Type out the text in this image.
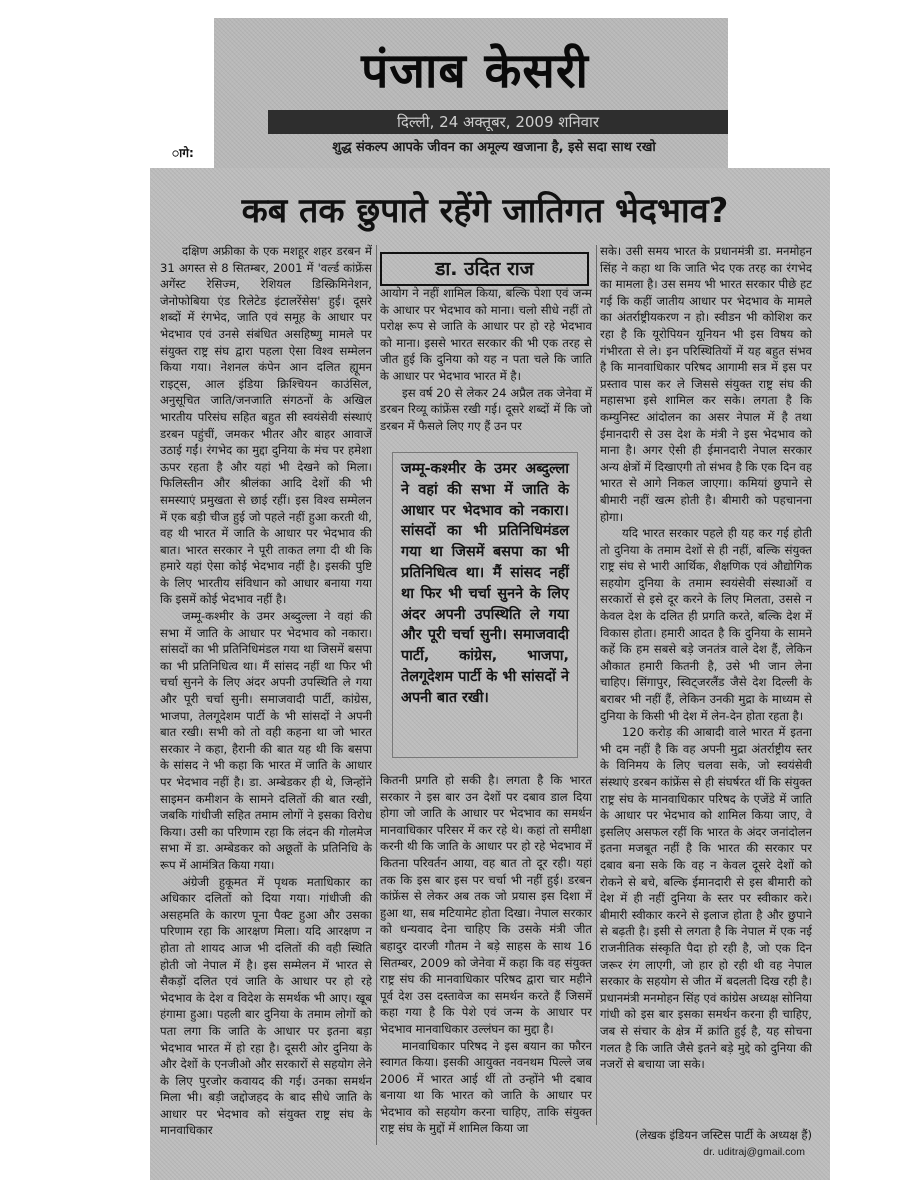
पंजाब केसरी
दिल्ली, 24 अक्तूबर, 2009 शनिवार
शुद्ध संकल्प आपके जीवन का अमूल्य खजाना है, इसे सदा साथ रखो
ागे:
कब तक छुपाते रहेंगे जातिगत भेदभाव?

दक्षिण अफ्रीका के एक मशहूर शहर डरबन में 31 अगस्त से 8 सितम्बर, 2001 में 'वर्ल्ड कांफ्रेंस अगेंस्ट रेसिज्म, रेशियल डिस्क्रिमिनेशन, जेनोफोबिया एंड रिलेटेड इंटालरेंसेस' हुई। दूसरे शब्दों में रंगभेद, जाति एवं समूह के आधार पर भेदभाव एवं उनसे संबंधित असहिष्णु मामले पर संयुक्त राष्ट्र संघ द्वारा पहला ऐसा विश्व सम्मेलन किया गया। नेशनल कंपेन आन दलित ह्यूमन राइट्स, आल इंडिया क्रिश्चियन काउंसिल, अनुसूचित जाति/जनजाति संगठनों के अखिल भारतीय परिसंघ सहित बहुत सी स्वयंसेवी संस्थाएं डरबन पहुंचीं, जमकर भीतर और बाहर आवाजें उठाई गईं। रंगभेद का मुद्दा दुनिया के मंच पर हमेशा ऊपर रहता है और यहां भी देखने को मिला। फिलिस्तीन और श्रीलंका आदि देशों की भी समस्याएं प्रमुखता से छाई रहीं। इस विश्व सम्मेलन में एक बड़ी चीज हुई जो पहले नहीं हुआ करती थी, वह थी भारत में जाति के आधार पर भेदभाव की बात। भारत सरकार ने पूरी ताकत लगा दी थी कि हमारे यहां ऐसा कोई भेदभाव नहीं है। इसकी पुष्टि के लिए भारतीय संविधान को आधार बनाया गया कि इसमें कोई भेदभाव नहीं है।

जम्मू-कश्मीर के उमर अब्दुल्ला ने वहां की सभा में जाति के आधार पर भेदभाव को नकारा। सांसदों का भी प्रतिनिधिमंडल गया था जिसमें बसपा का भी प्रतिनिधित्व था। मैं सांसद नहीं था फिर भी चर्चा सुनने के लिए अंदर अपनी उपस्थिति ले गया और पूरी चर्चा सुनी। समाजवादी पार्टी, कांग्रेस, भाजपा, तेलगूदेशम पार्टी के भी सांसदों ने अपनी बात रखी। सभी को तो वही कहना था जो भारत सरकार ने कहा, हैरानी की बात यह थी कि बसपा के सांसद ने भी कहा कि भारत में जाति के आधार पर भेदभाव नहीं है। डा. अम्बेडकर ही थे, जिन्होंने साइमन कमीशन के सामने दलितों की बात रखी, जबकि गांधीजी सहित तमाम लोगों ने इसका विरोध किया। उसी का परिणाम रहा कि लंदन की गोलमेज सभा में डा. अम्बेडकर को अछूतों के प्रतिनिधि के रूप में आमंत्रित किया गया।

अंग्रेजी हुकूमत में पृथक मताधिकार का अधिकार दलितों को दिया गया। गांधीजी की असहमति के कारण पूना पैक्ट हुआ और उसका परिणाम रहा कि आरक्षण मिला। यदि आरक्षण न होता तो शायद आज भी दलितों की वही स्थिति होती जो नेपाल में है। इस सम्मेलन में भारत से सैकड़ों दलित एवं जाति के आधार पर हो रहे भेदभाव के देश व विदेश के समर्थक भी आए। खूब हंगामा हुआ। पहली बार दुनिया के तमाम लोगों को पता लगा कि जाति के आधार पर इतना बड़ा भेदभाव भारत में हो रहा है। दूसरी ओर दुनिया के और देशों के एनजीओ और सरकारों से सहयोग लेने के लिए पुरजोर कवायद की गई। उनका समर्थन मिला भी। बड़ी जद्दोजहद के बाद सीधे जाति के आधार पर भेदभाव को संयुक्त राष्ट्र संघ के मानवाधिकार

डा. उदित राज

आयोग ने नहीं शामिल किया, बल्कि पेशा एवं जन्म के आधार पर भेदभाव को माना। चलो सीधे नहीं तो परोक्ष रूप से जाति के आधार पर हो रहे भेदभाव को माना। इससे भारत सरकार की भी एक तरह से जीत हुई कि दुनिया को यह न पता चले कि जाति के आधार पर भेदभाव भारत में है।

इस वर्ष 20 से लेकर 24 अप्रैल तक जेनेवा में डरबन रिव्यू कांफ्रेंस रखी गई। दूसरे शब्दों में कि जो डरबन में फैसले लिए गए हैं उन पर

जम्मू-कश्मीर के उमर अब्दुल्ला ने वहां की सभा में जाति के आधार पर भेदभाव को नकारा। सांसदों का भी प्रतिनिधिमंडल गया था जिसमें बसपा का भी प्रतिनिधित्व था। मैं सांसद नहीं था फिर भी चर्चा सुनने के लिए अंदर अपनी उपस्थिति ले गया और पूरी चर्चा सुनी। समाजवादी पार्टी, कांग्रेस, भाजपा, तेलगूदेशम पार्टी के भी सांसदों ने अपनी बात रखी।

कितनी प्रगति हो सकी है। लगता है कि भारत सरकार ने इस बार उन देशों पर दबाव डाल दिया होगा जो जाति के आधार पर भेदभाव का समर्थन मानवाधिकार परिसर में कर रहे थे। कहां तो समीक्षा करनी थी कि जाति के आधार पर हो रहे भेदभाव में कितना परिवर्तन आया, वह बात तो दूर रही। यहां तक कि इस बार इस पर चर्चा भी नहीं हुई। डरबन कांफ्रेंस से लेकर अब तक जो प्रयास इस दिशा में हुआ था, सब मटियामेट होता दिखा। नेपाल सरकार को धन्यवाद देना चाहिए कि उसके मंत्री जीत बहादुर दारजी गौतम ने बड़े साहस के साथ 16 सितम्बर, 2009 को जेनेवा में कहा कि वह संयुक्त राष्ट्र संघ की मानवाधिकार परिषद द्वारा चार महीने पूर्व देश उस दस्तावेज का समर्थन करते हैं जिसमें कहा गया है कि पेशे एवं जन्म के आधार पर भेदभाव मानवाधिकार उल्लंघन का मुद्दा है।

मानवाधिकार परिषद ने इस बयान का फौरन स्वागत किया। इसकी आयुक्त नवनथम पिल्ले जब 2006 में भारत आई थीं तो उन्होंने भी दबाव बनाया था कि भारत को जाति के आधार पर भेदभाव को सहयोग करना चाहिए, ताकि संयुक्त राष्ट्र संघ के मुद्दों में शामिल किया जा

सके। उसी समय भारत के प्रधानमंत्री डा. मनमोहन सिंह ने कहा था कि जाति भेद एक तरह का रंगभेद का मामला है। उस समय भी भारत सरकार पीछे हट गई कि कहीं जातीय आधार पर भेदभाव के मामले का अंतर्राष्ट्रीयकरण न हो। स्वीडन भी कोशिश कर रहा है कि यूरोपियन यूनियन भी इस विषय को गंभीरता से ले। इन परिस्थितियों में यह बहुत संभव है कि मानवाधिकार परिषद आगामी सत्र में इस पर प्रस्ताव पास कर ले जिससे संयुक्त राष्ट्र संघ की महासभा इसे शामिल कर सके। लगता है कि कम्युनिस्ट आंदोलन का असर नेपाल में है तथा ईमानदारी से उस देश के मंत्री ने इस भेदभाव को माना है। अगर ऐसी ही ईमानदारी नेपाल सरकार अन्य क्षेत्रों में दिखाएगी तो संभव है कि एक दिन वह भारत से आगे निकल जाएगा। कमियां छुपाने से बीमारी नहीं खत्म होती है। बीमारी को पहचानना होगा।

यदि भारत सरकार पहले ही यह कर गई होती तो दुनिया के तमाम देशों से ही नहीं, बल्कि संयुक्त राष्ट्र संघ से भारी आर्थिक, शैक्षणिक एवं औद्योगिक सहयोग दुनिया के तमाम स्वयंसेवी संस्थाओं व सरकारों से इसे दूर करने के लिए मिलता, उससे न केवल देश के दलित ही प्रगति करते, बल्कि देश में विकास होता। हमारी आदत है कि दुनिया के सामने कहें कि हम सबसे बड़े जनतंत्र वाले देश हैं, लेकिन औकात हमारी कितनी है, उसे भी जान लेना चाहिए। सिंगापुर, स्विट्जरलैंड जैसे देश दिल्ली के बराबर भी नहीं हैं, लेकिन उनकी मुद्रा के माध्यम से दुनिया के किसी भी देश में लेन-देन होता रहता है।

120 करोड़ की आबादी वाले भारत में इतना भी दम नहीं है कि वह अपनी मुद्रा अंतर्राष्ट्रीय स्तर के विनिमय के लिए चलवा सके, जो स्वयंसेवी संस्थाएं डरबन कांफ्रेंस से ही संघर्षरत थीं कि संयुक्त राष्ट्र संघ के मानवाधिकार परिषद के एजेंडे में जाति के आधार पर भेदभाव को शामिल किया जाए, वे इसलिए असफल रहीं कि भारत के अंदर जनांदोलन इतना मजबूत नहीं है कि भारत की सरकार पर दबाव बना सके कि वह न केवल दूसरे देशों को रोकने से बचे, बल्कि ईमानदारी से इस बीमारी को देश में ही नहीं दुनिया के स्तर पर स्वीकार करे। बीमारी स्वीकार करने से इलाज होता है और छुपाने से बढ़ती है। इसी से लगता है कि नेपाल में एक नई राजनीतिक संस्कृति पैदा हो रही है, जो एक दिन जरूर रंग लाएगी, जो हार हो रही थी वह नेपाल सरकार के सहयोग से जीत में बदलती दिख रही है। प्रधानमंत्री मनमोहन सिंह एवं कांग्रेस अध्यक्ष सोनिया गांधी को इस बार इसका समर्थन करना ही चाहिए, जब से संचार के क्षेत्र में क्रांति हुई है, यह सोचना गलत है कि जाति जैसे इतने बड़े मुद्दे को दुनिया की नजरों से बचाया जा सके।

(लेखक इंडियन जस्टिस पार्टी के अध्यक्ष हैं)
dr. uditraj@gmail.com
